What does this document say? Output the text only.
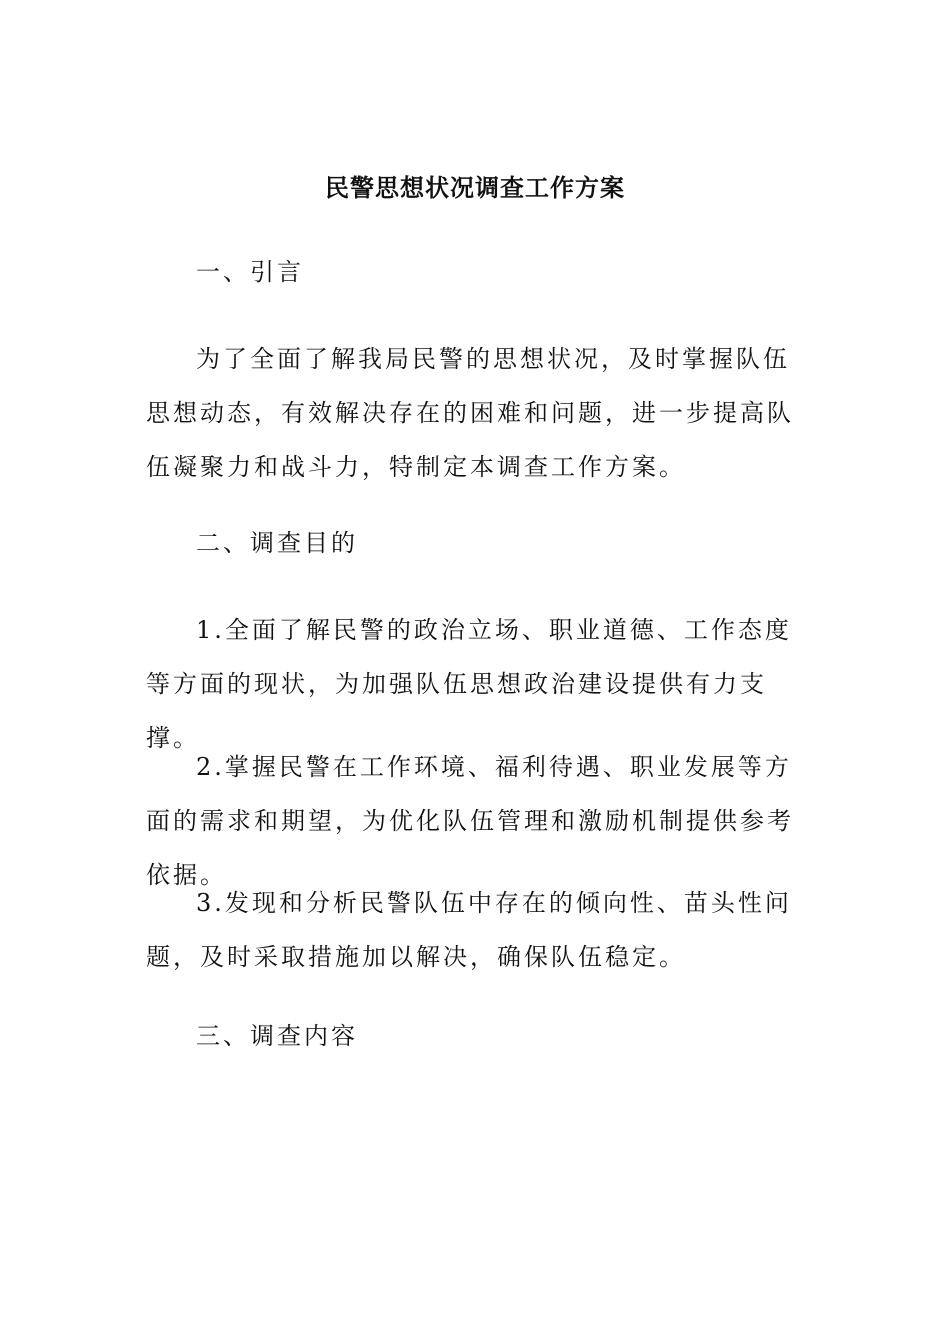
民警思想状况调查工作方案
一、引言

为了全面了解我局民警的思想状况，及时掌握队伍思想动态，有效解决存在的困难和问题，进一步提高队伍凝聚力和战斗力，特制定本调查工作方案。

二、调查目的

1.全面了解民警的政治立场、职业道德、工作态度等方面的现状，为加强队伍思想政治建设提供有力支撑。

2.掌握民警在工作环境、福利待遇、职业发展等方面的需求和期望，为优化队伍管理和激励机制提供参考依据。

3.发现和分析民警队伍中存在的倾向性、苗头性问题，及时采取措施加以解决，确保队伍稳定。

三、调查内容
